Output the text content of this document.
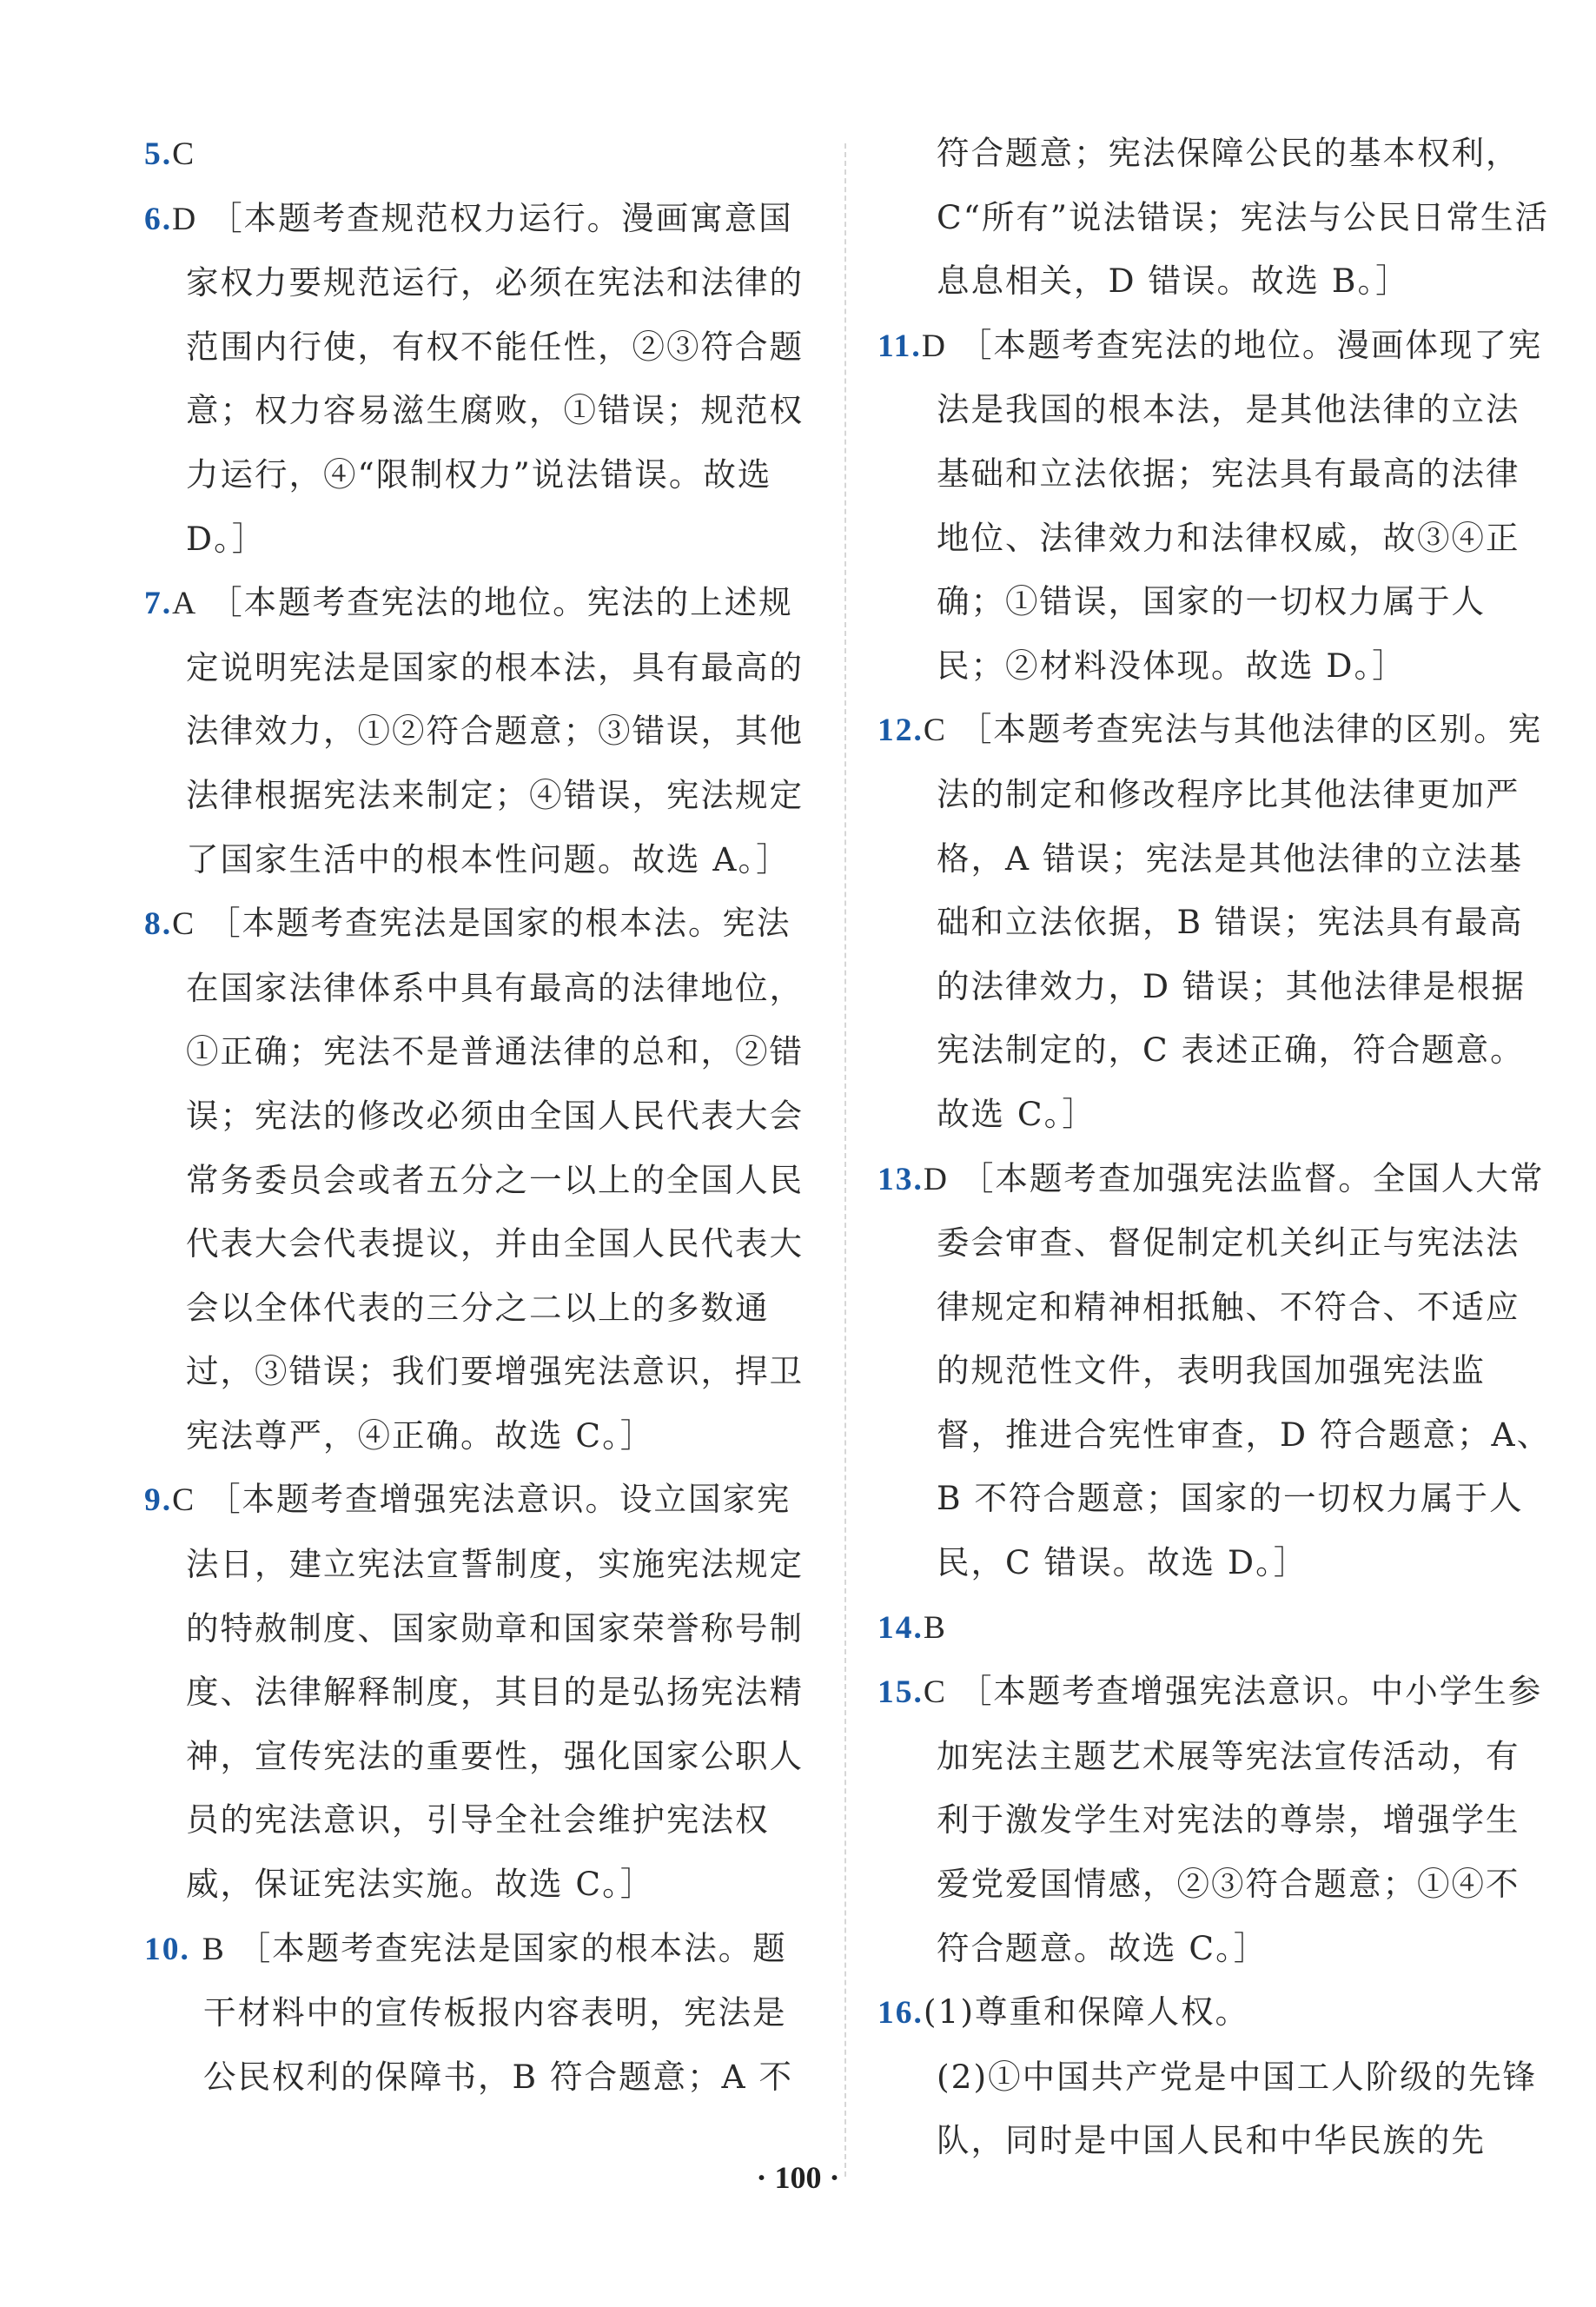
5.C

6.D ［本题考查规范权力运行。漫画寓意国家权力要规范运行，必须在宪法和法律的范围内行使，有权不能任性，②③符合题意；权力容易滋生腐败，①错误；规范权力运行，④“限制权力”说法错误。故选 D。］

7.A ［本题考查宪法的地位。宪法的上述规定说明宪法是国家的根本法，具有最高的法律效力，①②符合题意；③错误，其他法律根据宪法来制定；④错误，宪法规定了国家生活中的根本性问题。故选 A。］

8.C ［本题考查宪法是国家的根本法。宪法在国家法律体系中具有最高的法律地位，①正确；宪法不是普通法律的总和，②错误；宪法的修改必须由全国人民代表大会常务委员会或者五分之一以上的全国人民代表大会代表提议，并由全国人民代表大会以全体代表的三分之二以上的多数通过，③错误；我们要增强宪法意识，捍卫宪法尊严，④正确。故选 C。］

9.C ［本题考查增强宪法意识。设立国家宪法日，建立宪法宣誓制度，实施宪法规定的特赦制度、国家勋章和国家荣誉称号制度、法律解释制度，其目的是弘扬宪法精神，宣传宪法的重要性，强化国家公职人员的宪法意识，引导全社会维护宪法权威，保证宪法实施。故选 C。］

10. B ［本题考查宪法是国家的根本法。题干材料中的宣传板报内容表明，宪法是公民权利的保障书，B 符合题意；A 不

符合题意；宪法保障公民的基本权利，C“所有”说法错误；宪法与公民日常生活息息相关，D 错误。故选 B。］

11.D ［本题考查宪法的地位。漫画体现了宪法是我国的根本法，是其他法律的立法基础和立法依据；宪法具有最高的法律地位、法律效力和法律权威，故③④正确；①错误，国家的一切权力属于人民；②材料没体现。故选 D。］

12.C ［本题考查宪法与其他法律的区别。宪法的制定和修改程序比其他法律更加严格，A 错误；宪法是其他法律的立法基础和立法依据，B 错误；宪法具有最高的法律效力，D 错误；其他法律是根据宪法制定的，C 表述正确，符合题意。故选 C。］

13.D ［本题考查加强宪法监督。全国人大常委会审查、督促制定机关纠正与宪法法律规定和精神相抵触、不符合、不适应的规范性文件，表明我国加强宪法监督，推进合宪性审查，D 符合题意；A、B 不符合题意；国家的一切权力属于人民，C 错误。故选 D。］

14.B

15.C ［本题考查增强宪法意识。中小学生参加宪法主题艺术展等宪法宣传活动，有利于激发学生对宪法的尊崇，增强学生爱党爱国情感，②③符合题意；①④不符合题意。故选 C。］

16.(1)尊重和保障人权。

(2)①中国共产党是中国工人阶级的先锋队，同时是中国人民和中华民族的先

· 100 ·
